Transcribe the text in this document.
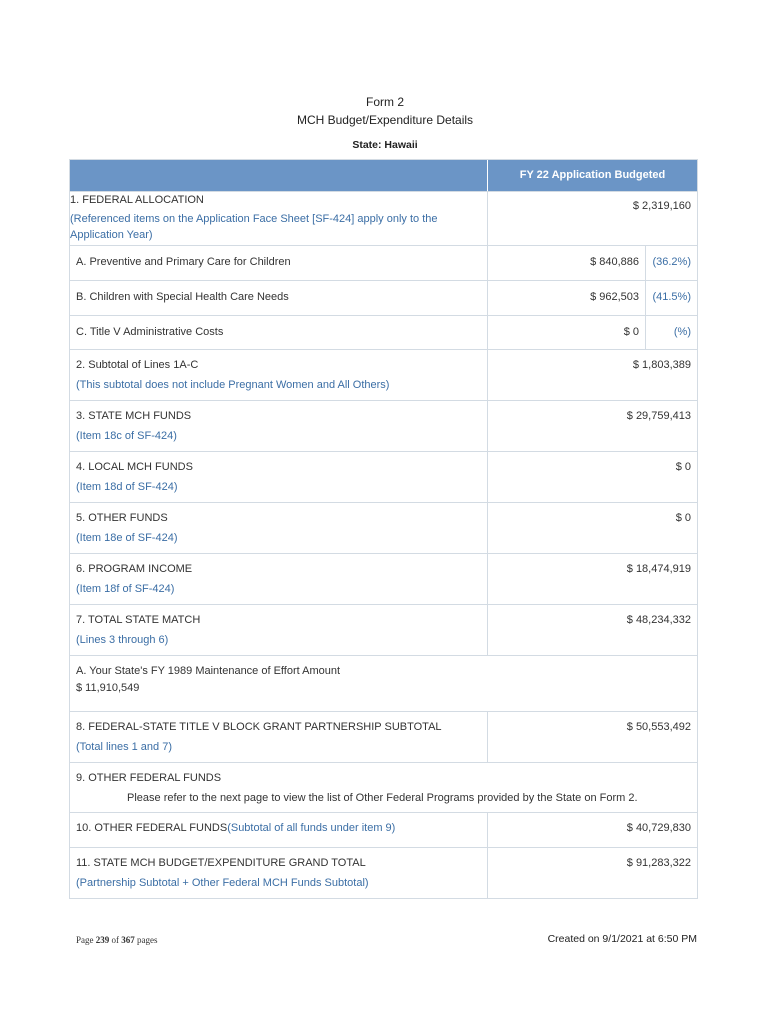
Form 2
MCH Budget/Expenditure Details
State: Hawaii
FY 22 Application Budgeted
1. FEDERAL ALLOCATION
(Referenced items on the Application Face Sheet [SF-424] apply only to the
Application Year)
$ 2,319,160
A. Preventive and Primary Care for Children	$ 840,886 (36.2%)
B. Children with Special Health Care Needs	$ 962,503 (41.5%)
C. Title V Administrative Costs	$ 0	(%)
2. Subtotal of Lines 1A-C
(This subtotal does not include Pregnant Women and All Others)
$ 1,803,389
3. STATE MCH FUNDS
(Item 18c of SF-424)
$ 29,759,413
4. LOCAL MCH FUNDS
(Item 18d of SF-424)
$ 0
5. OTHER FUNDS
(Item 18e of SF-424)
$ 0
6. PROGRAM INCOME
(Item 18f of SF-424)
$ 18,474,919
7. TOTAL STATE MATCH
(Lines 3 through 6)
$ 48,234,332
A. Your State's FY 1989 Maintenance of Effort Amount
$ 11,910,549
8. FEDERAL-STATE TITLE V BLOCK GRANT PARTNERSHIP SUBTOTAL
(Total lines 1 and 7)
$ 50,553,492
9. OTHER FEDERAL FUNDS
Please refer to the next page to view the list of Other Federal Programs provided by the State on Form 2.
10. OTHER FEDERAL FUNDS(Subtotal of all funds under item 9)	$ 40,729,830
11. STATE MCH BUDGET/EXPENDITURE GRAND TOTAL
(Partnership Subtotal + Other Federal MCH Funds Subtotal)
$ 91,283,322
Page 239 of 367 pages	Created on 9/1/2021 at 6:50 PM
